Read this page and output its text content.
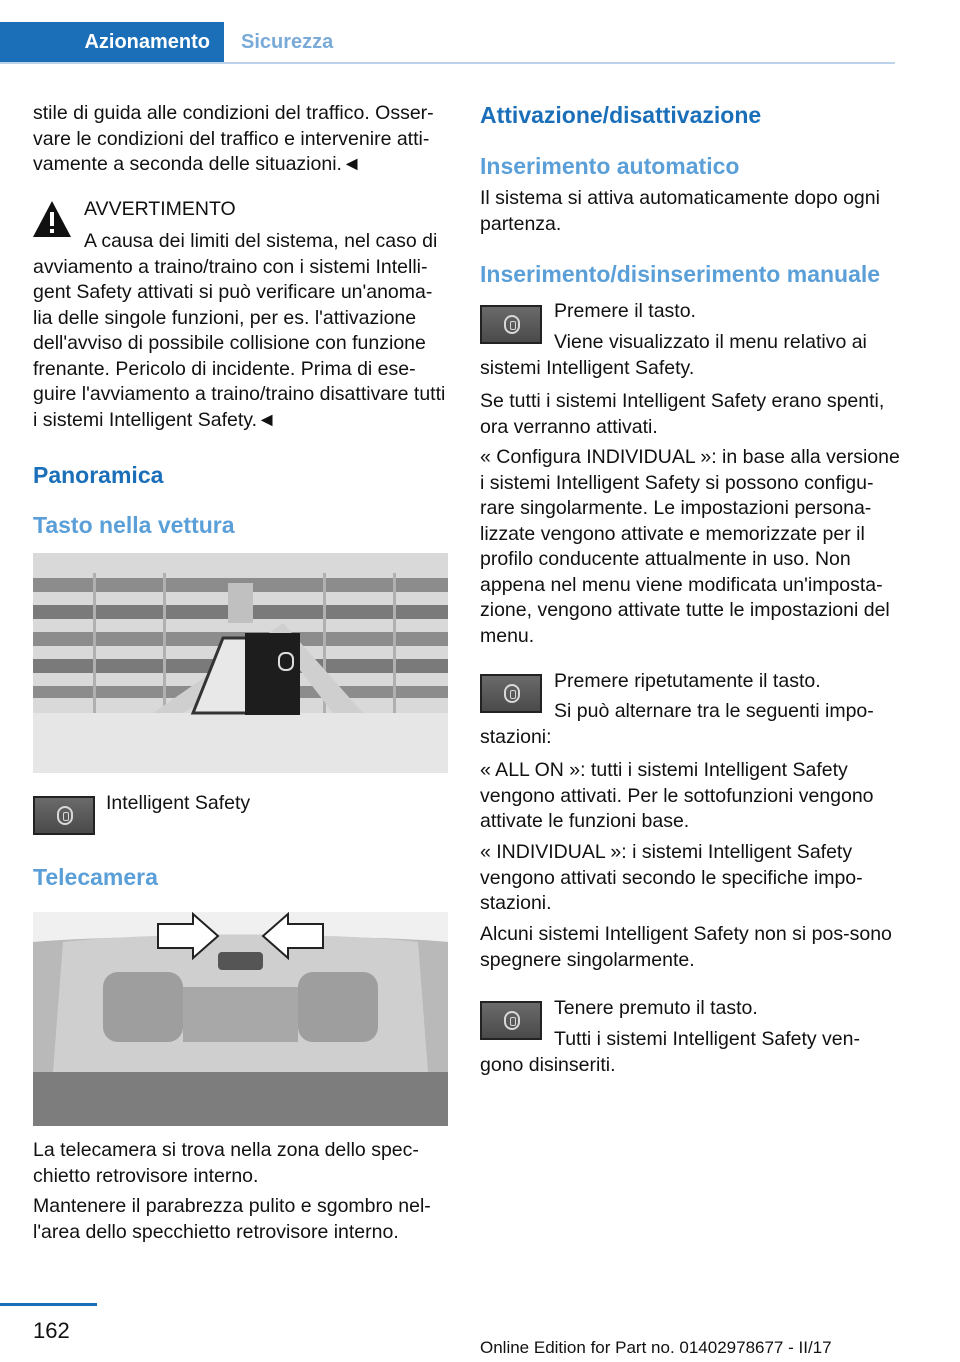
Azionamento	Sicurezza

stile di guida alle condizioni del traffico. Osser-vare le condizioni del traffico e intervenire atti-vamente a seconda delle situazioni.◄

AVVERTIMENTO
A causa dei limiti del sistema, nel caso di avviamento a traino/traino con i sistemi Intelli-gent Safety attivati si può verificare un'anoma-lia delle singole funzioni, per es. l'attivazione dell'avviso di possibile collisione con funzione frenante. Pericolo di incidente. Prima di ese-guire l'avviamento a traino/traino disattivare tutti i sistemi Intelligent Safety.◄
Panoramica
Tasto nella vettura
Intelligent Safety
Telecamera
La telecamera si trova nella zona dello spec-chietto retrovisore interno.
Mantenere il parabrezza pulito e sgombro nel-l'area dello specchietto retrovisore interno.
Attivazione/disattivazione
Inserimento automatico
Il sistema si attiva automaticamente dopo ogni partenza.
Inserimento/disinserimento manuale
Premere il tasto.
Viene visualizzato il menu relativo ai sistemi Intelligent Safety.
Se tutti i sistemi Intelligent Safety erano spenti, ora verranno attivati.
« Configura INDIVIDUAL »: in base alla versione i sistemi Intelligent Safety si possono configu-rare singolarmente. Le impostazioni persona-lizzate vengono attivate e memorizzate per il profilo conducente attualmente in uso. Non appena nel menu viene modificata un'imposta-zione, vengono attivate tutte le impostazioni del menu.
Premere ripetutamente il tasto.
Si può alternare tra le seguenti impo-stazioni:
« ALL ON »: tutti i sistemi Intelligent Safety vengono attivati. Per le sottofunzioni vengono attivate le funzioni base.
« INDIVIDUAL »: i sistemi Intelligent Safety vengono attivati secondo le specifiche impo-stazioni.
Alcuni sistemi Intelligent Safety non si pos-sono spegnere singolarmente.
Tenere premuto il tasto.
Tutti i sistemi Intelligent Safety ven-gono disinseriti.
162
Online Edition for Part no. 01402978677 - II/17
